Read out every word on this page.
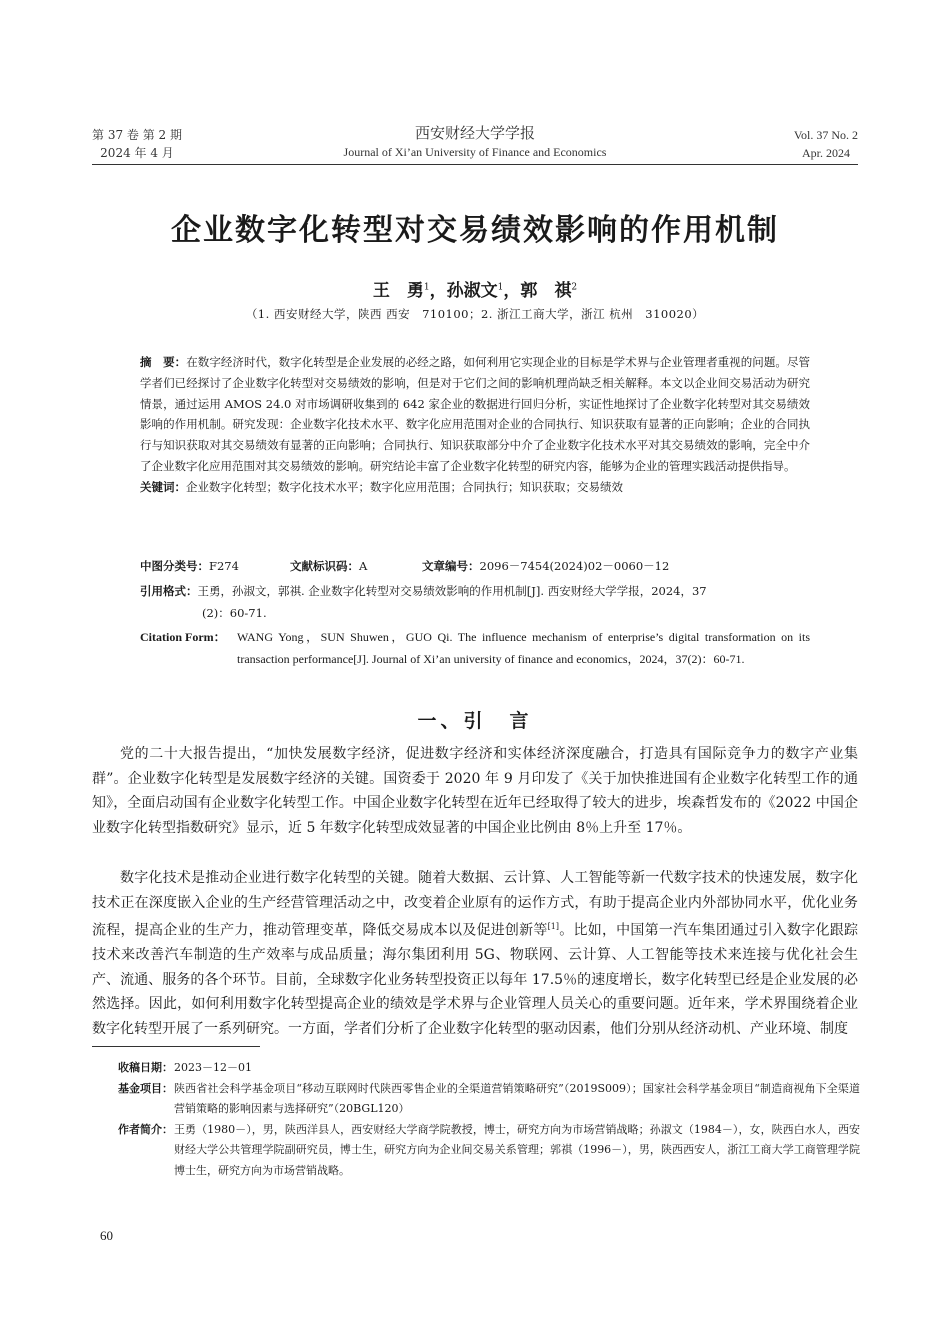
第 37 卷 第 2 期
2024 年 4 月
西安财经大学学报
Journal of Xi’an University of Finance and Economics
Vol. 37 No. 2
Apr. 2024
企业数字化转型对交易绩效影响的作用机制
王　勇$^1$，孙淑文$^1$，郭　祺$^2$
（1. 西安财经大学，陕西 西安　710100；2. 浙江工商大学，浙江 杭州　310020）
摘　要：在数字经济时代，数字化转型是企业发展的必经之路，如何利用它实现企业的目标是学术界与企业管理者重视的问题。尽管学者们已经探讨了企业数字化转型对交易绩效的影响，但是对于它们之间的影响机理尚缺乏相关解释。本文以企业间交易活动为研究情景，通过运用 AMOS 24.0 对市场调研收集到的 642 家企业的数据进行回归分析，实证性地探讨了企业数字化转型对其交易绩效影响的作用机制。研究发现：企业数字化技术水平、数字化应用范围对企业的合同执行、知识获取有显著的正向影响；企业的合同执行与知识获取对其交易绩效有显著的正向影响；合同执行、知识获取部分中介了企业数字化技术水平对其交易绩效的影响，完全中介了企业数字化应用范围对其交易绩效的影响。研究结论丰富了企业数字化转型的研究内容，能够为企业的管理实践活动提供指导。
关键词：企业数字化转型；数字化技术水平；数字化应用范围；合同执行；知识获取；交易绩效
中图分类号：F274	文献标识码：A	文章编号：2096－7454(2024)02－0060－12
引用格式：王勇，孙淑文，郭祺. 企业数字化转型对交易绩效影响的作用机制[J]. 西安财经大学学报，2024，37
(2)：60-71.
Citation Form： WANG Yong，SUN Shuwen，GUO Qi. The influence mechanism of enterprise’s digital transformation on its transaction performance[J]. Journal of Xi’an university of finance and economics，2024，37(2)：60-71.
一、引　言
党的二十大报告提出，“加快发展数字经济，促进数字经济和实体经济深度融合，打造具有国际竞争力的数字产业集群”。企业数字化转型是发展数字经济的关键。国资委于 2020 年 9 月印发了《关于加快推进国有企业数字化转型工作的通知》，全面启动国有企业数字化转型工作。中国企业数字化转型在近年已经取得了较大的进步，埃森哲发布的《2022 中国企业数字化转型指数研究》显示，近 5 年数字化转型成效显著的中国企业比例由 8％上升至 17％。
数字化技术是推动企业进行数字化转型的关键。随着大数据、云计算、人工智能等新一代数字技术的快速发展，数字化技术正在深度嵌入企业的生产经营管理活动之中，改变着企业原有的运作方式，有助于提高企业内外部协同水平，优化业务流程，提高企业的生产力，推动管理变革，降低交易成本以及促进创新等[1]。比如，中国第一汽车集团通过引入数字化跟踪技术来改善汽车制造的生产效率与成品质量；海尔集团利用 5G、物联网、云计算、人工智能等技术来连接与优化社会生产、流通、服务的各个环节。目前，全球数字化业务转型投资正以每年 17.5％的速度增长，数字化转型已经是企业发展的必然选择。因此，如何利用数字化转型提高企业的绩效是学术界与企业管理人员关心的重要问题。近年来，学术界围绕着企业数字化转型开展了一系列研究。一方面，学者们分析了企业数字化转型的驱动因素，他们分别从经济动机、产业环境、制度
收稿日期： 2023－12－01
基金项目： 陕西省社会科学基金项目“移动互联网时代陕西零售企业的全渠道营销策略研究”（2019S009）；国家社会科学基金项目“制造商视角下全渠道营销策略的影响因素与选择研究”（20BGL120）
作者简介： 王勇（1980－），男，陕西洋县人，西安财经大学商学院教授，博士，研究方向为市场营销战略；孙淑文（1984－），女，陕西白水人，西安财经大学公共管理学院副研究员，博士生，研究方向为企业间交易关系管理；郭祺（1996－），男，陕西西安人，浙江工商大学工商管理学院博士生，研究方向为市场营销战略。
60
